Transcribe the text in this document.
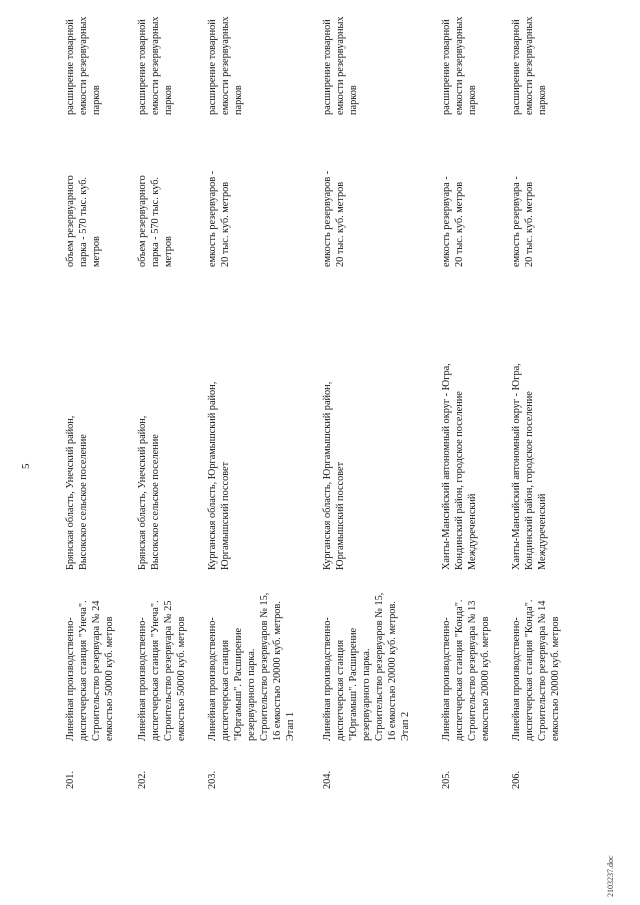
5
201.
Линейная производственно-
диспетчерская станция "Унеча".
Строительство резервуара № 24
емкостью 50000 куб. метров
Брянская область, Унечский район,
Высокское сельское поселение
объем резервуарного
парка - 570 тыс. куб.
метров
расширение товарной
емкости резервуарных
парков
202.
Линейная производственно-
диспетчерская станция "Унеча".
Строительство резервуара № 25
емкостью 50000 куб. метров
Брянская область, Унечский район,
Высокское сельское поселение
объем резервуарного
парка - 570 тыс. куб.
метров
расширение товарной
емкости резервуарных
парков
203.
Линейная производственно-
диспетчерская станция
"Юргамыш". Расширение
резервуарного парка.
Строительство резервуаров № 15,
16 емкостью 20000 куб. метров.
Этап 1
Курганская область, Юргамышский район,
Юргамышский поссовет
емкость резервуаров -
20 тыс. куб. метров
расширение товарной
емкости резервуарных
парков
204.
Линейная производственно-
диспетчерская станция
"Юргамыш". Расширение
резервуарного парка.
Строительство резервуаров № 15,
16 емкостью 20000 куб. метров.
Этап 2
Курганская область, Юргамышский район,
Юргамышский поссовет
емкость резервуаров -
20 тыс. куб. метров
расширение товарной
емкости резервуарных
парков
205.
Линейная производственно-
диспетчерская станция "Конда".
Строительство резервуара № 13
емкостью 20000 куб. метров
Ханты-Мансийский автономный округ - Югра,
Кондинский район, городское поселение
Междуреченский
емкость резервуара -
20 тыс. куб. метров
расширение товарной
емкости резервуарных
парков
206.
Линейная производственно-
диспетчерская станция "Конда".
Строительство резервуара № 14
емкостью 20000 куб. метров
Ханты-Мансийский автономный округ - Югра,
Кондинский район, городское поселение
Междуреченский
емкость резервуара -
20 тыс. куб. метров
расширение товарной
емкости резервуарных
парков
2103237.doc
